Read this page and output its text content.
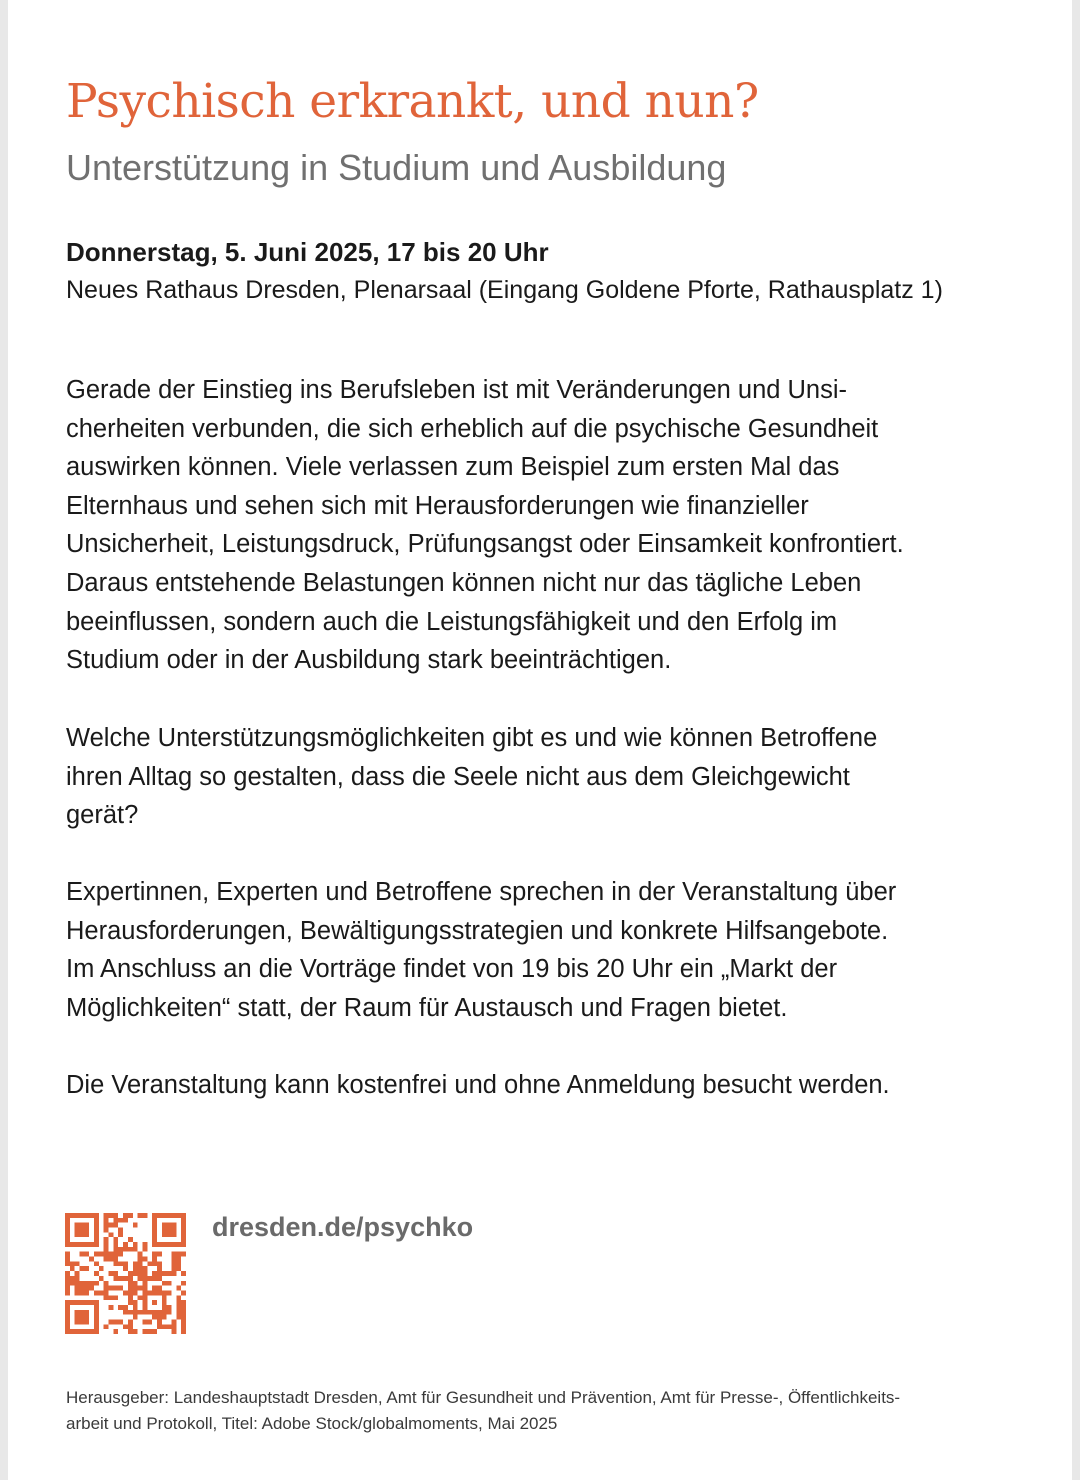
Psychisch erkrankt, und nun?
Unterstützung in Studium und Ausbildung

Donnerstag, 5. Juni 2025, 17 bis 20 Uhr

Neues Rathaus Dresden, Plenarsaal (Eingang Goldene Pforte, Rathausplatz 1)

Gerade der Einstieg ins Berufsleben ist mit Veränderungen und Unsi-
cherheiten verbunden, die sich erheblich auf die psychische Gesundheit
auswirken können. Viele verlassen zum Beispiel zum ersten Mal das
Elternhaus und sehen sich mit Herausforderungen wie finanzieller
Unsicherheit, Leistungsdruck, Prüfungsangst oder Einsamkeit konfrontiert.
Daraus entstehende Belastungen können nicht nur das tägliche Leben
beeinflussen, sondern auch die Leistungsfähigkeit und den Erfolg im
Studium oder in der Ausbildung stark beeinträchtigen.
Welche Unterstützungsmöglichkeiten gibt es und wie können Betroffene
ihren Alltag so gestalten, dass die Seele nicht aus dem Gleichgewicht
gerät?
Expertinnen, Experten und Betroffene sprechen in der Veranstaltung über
Herausforderungen, Bewältigungsstrategien und konkrete Hilfsangebote.
Im Anschluss an die Vorträge findet von 19 bis 20 Uhr ein „Markt der
Möglichkeiten“ statt, der Raum für Austausch und Fragen bietet.
Die Veranstaltung kann kostenfrei und ohne Anmeldung besucht werden.

dresden.de/psychko

Herausgeber: Landeshauptstadt Dresden, Amt für Gesundheit und Prävention, Amt für Presse-, Öffentlichkeits-
arbeit und Protokoll, Titel: Adobe Stock/globalmoments, Mai 2025
